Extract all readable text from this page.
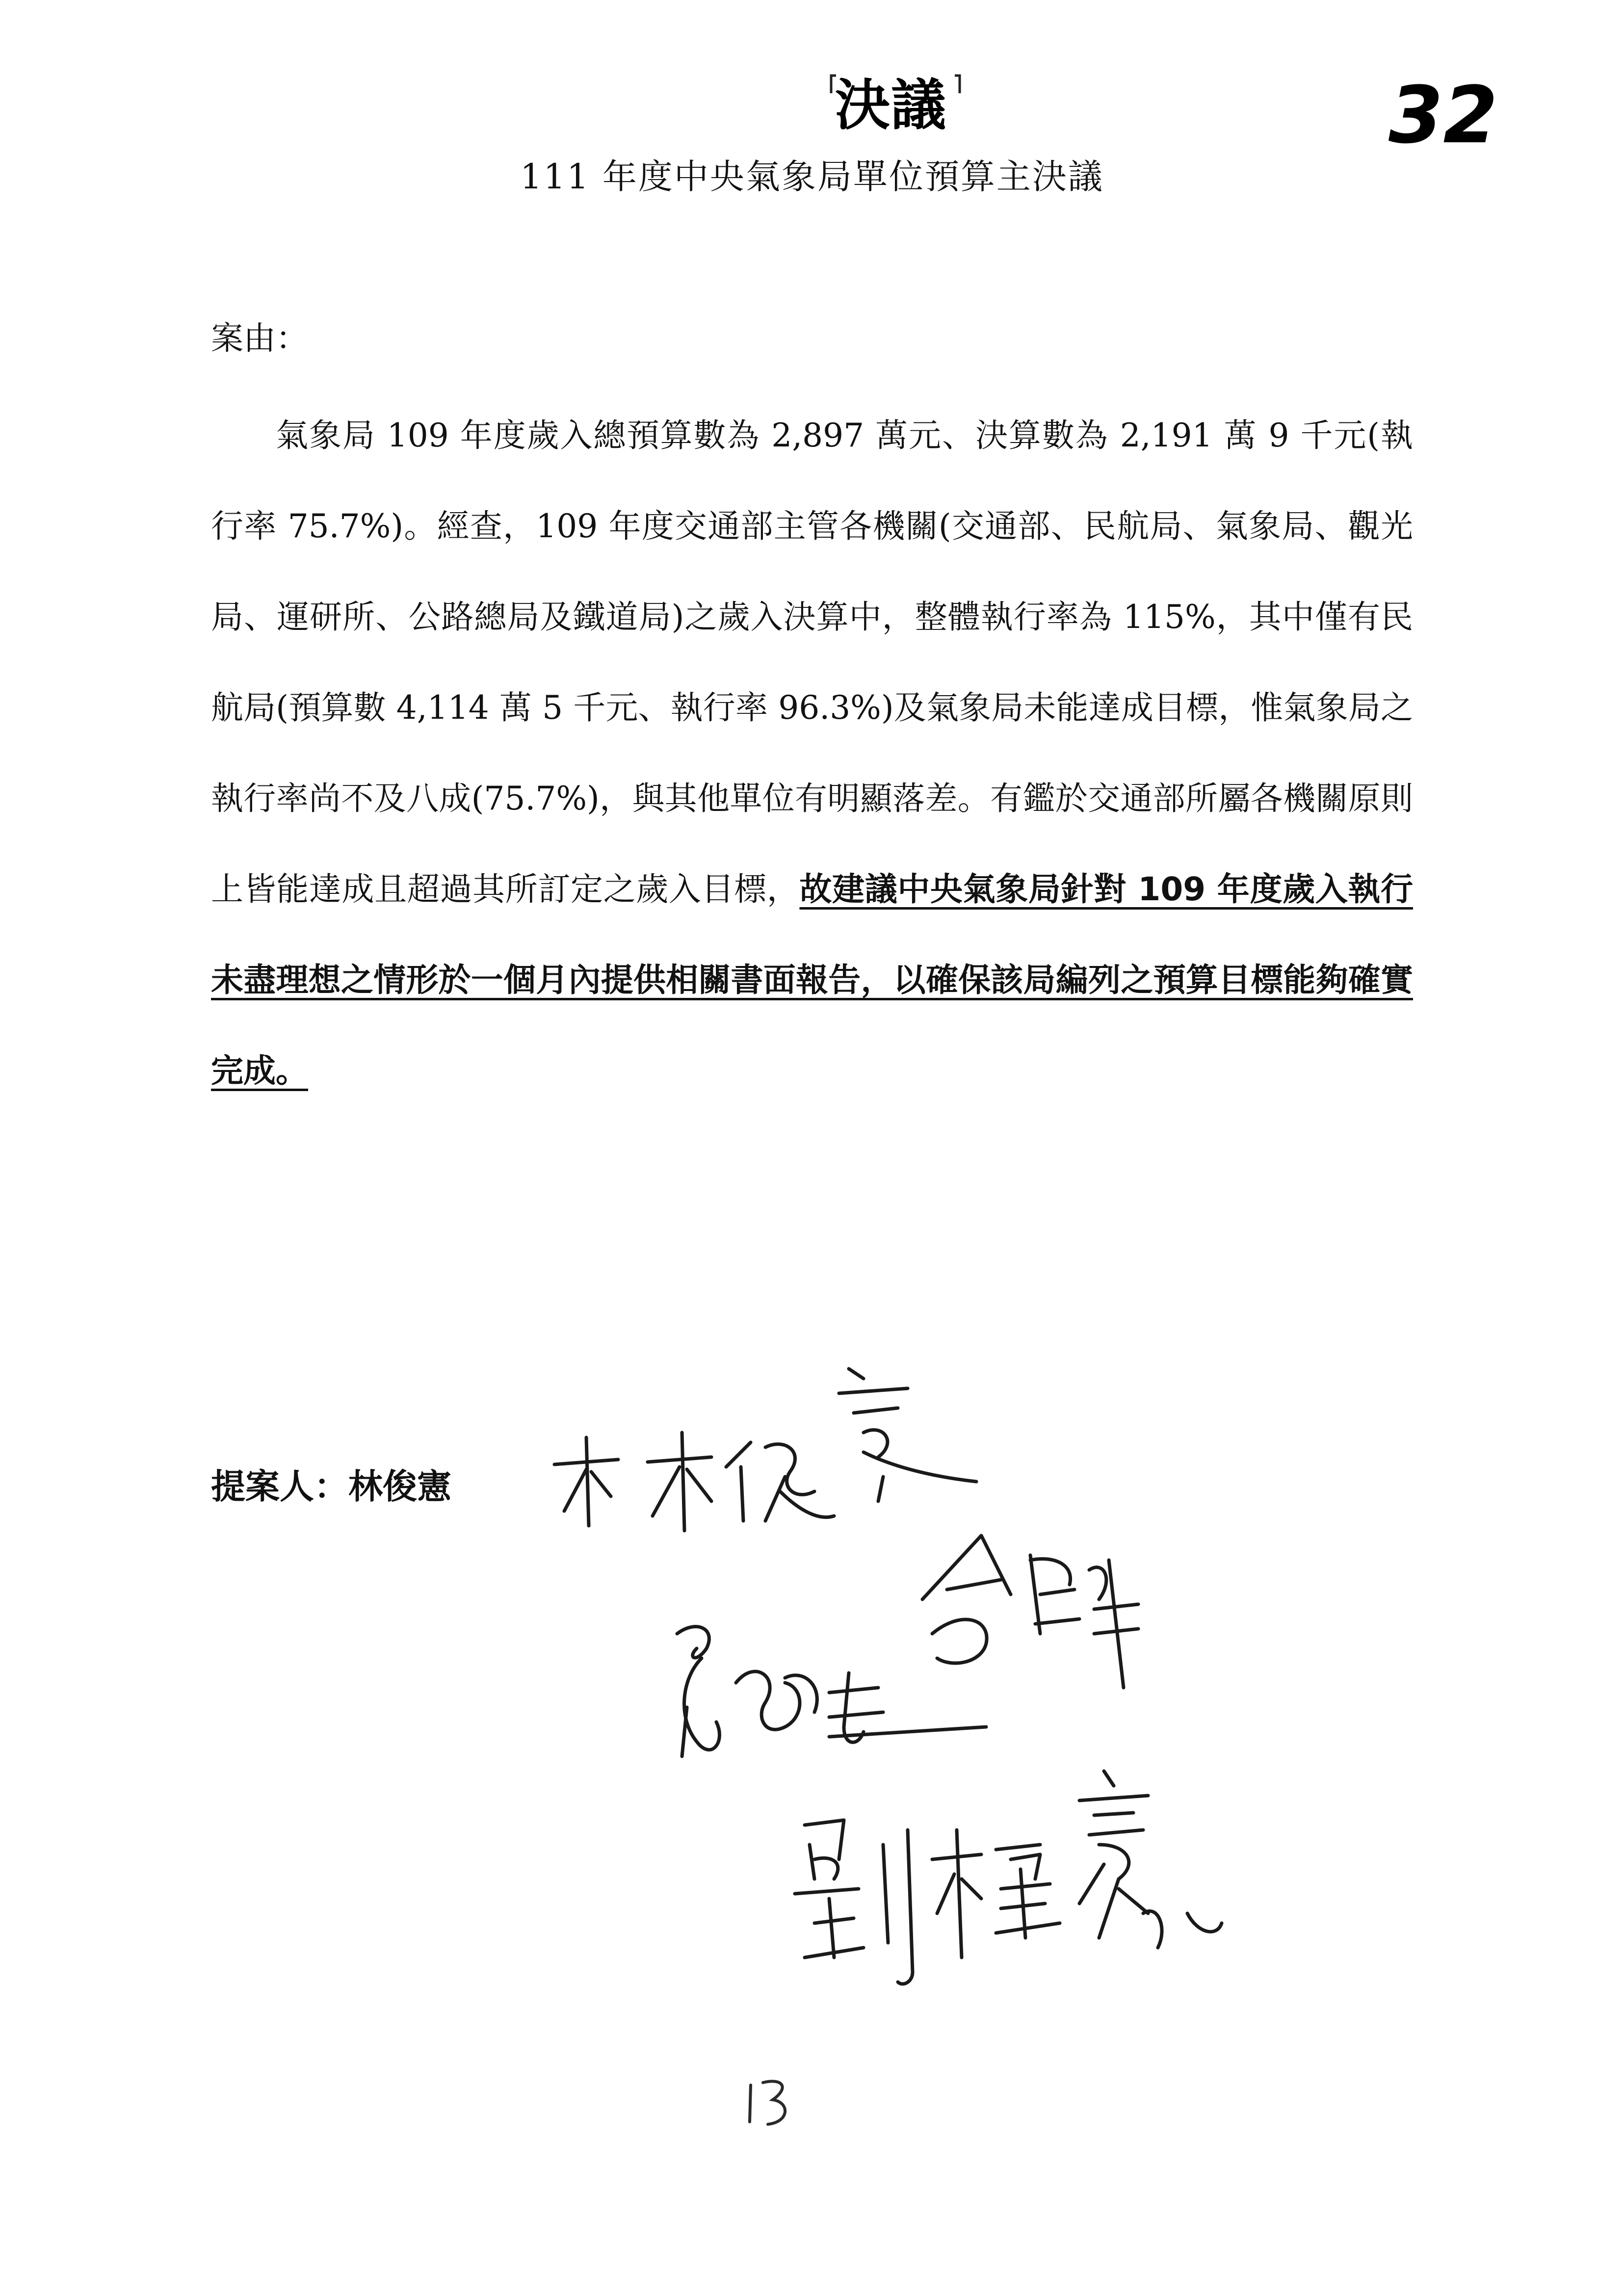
決議	32
111 年度中央氣象局單位預算主決議
案由：
氣象局 109 年度歲入總預算數為 2,897 萬元、決算數為 2,191 萬 9 千元(執行率 75.7%)。經查，109 年度交通部主管各機關(交通部、民航局、氣象局、觀光局、運研所、公路總局及鐵道局)之歲入決算中，整體執行率為 115%，其中僅有民航局(預算數 4,114 萬 5 千元、執行率 96.3%)及氣象局未能達成目標，惟氣象局之執行率尚不及八成(75.7%)，與其他單位有明顯落差。有鑑於交通部所屬各機關原則上皆能達成且超過其所訂定之歲入目標，故建議中央氣象局針對 109 年度歲入執行未盡理想之情形於一個月內提供相關書面報告，以確保該局編列之預算目標能夠確實完成。
提案人：林俊憲
